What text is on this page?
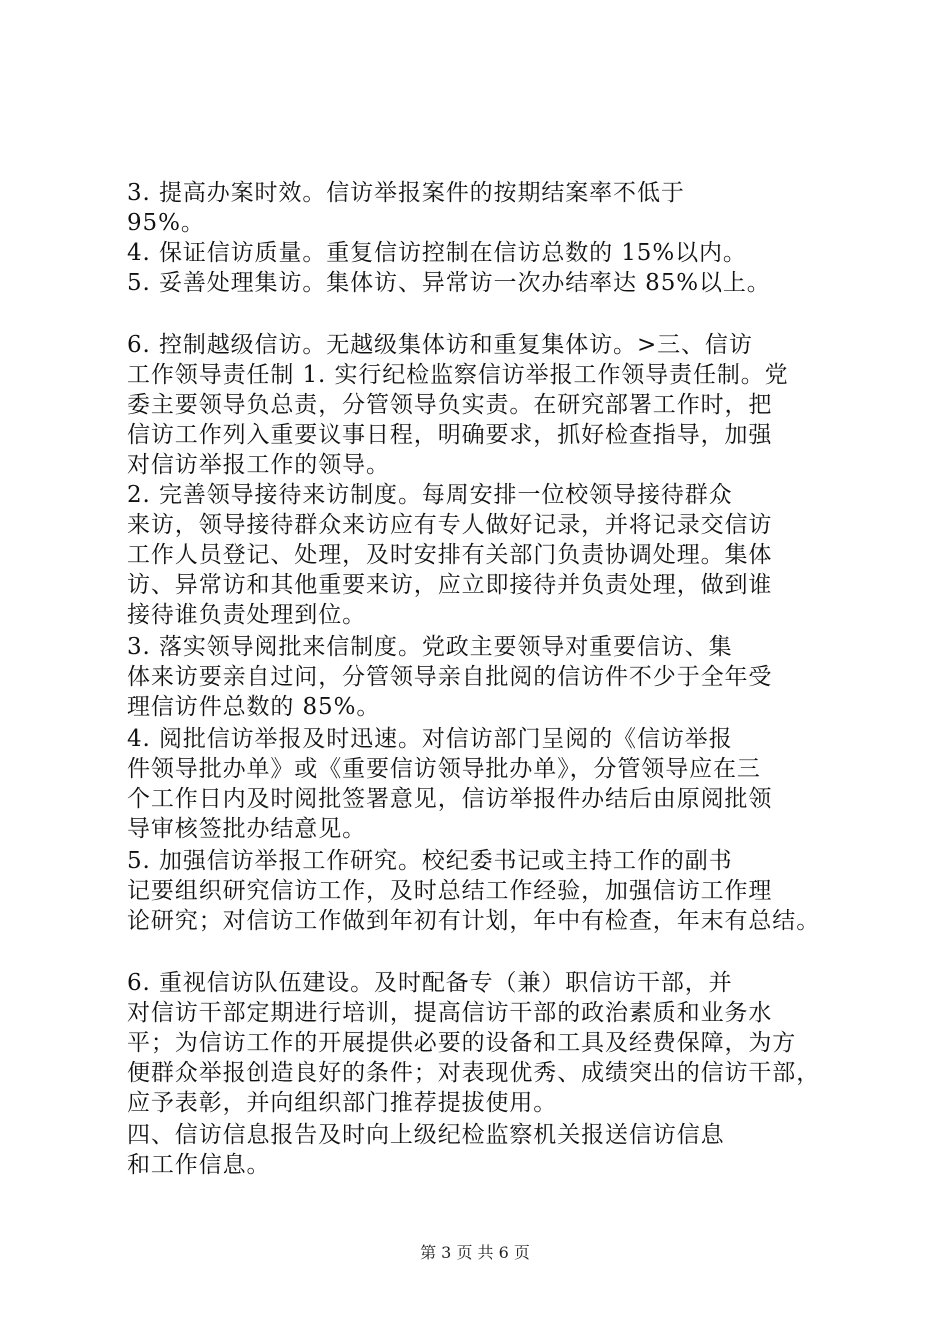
3. 提高办案时效。信访举报案件的按期结案率不低于
95%。
4. 保证信访质量。重复信访控制在信访总数的 15%以内。
5. 妥善处理集访。集体访、异常访一次办结率达 85%以上。
6. 控制越级信访。无越级集体访和重复集体访。>三、信访
工作领导责任制 1. 实行纪检监察信访举报工作领导责任制。党
委主要领导负总责，分管领导负实责。在研究部署工作时，把
信访工作列入重要议事日程，明确要求，抓好检查指导，加强
对信访举报工作的领导。
2. 完善领导接待来访制度。每周安排一位校领导接待群众
来访，领导接待群众来访应有专人做好记录，并将记录交信访
工作人员登记、处理，及时安排有关部门负责协调处理。集体
访、异常访和其他重要来访，应立即接待并负责处理，做到谁
接待谁负责处理到位。
3. 落实领导阅批来信制度。党政主要领导对重要信访、集
体来访要亲自过问，分管领导亲自批阅的信访件不少于全年受
理信访件总数的 85%。
4. 阅批信访举报及时迅速。对信访部门呈阅的《信访举报
件领导批办单》或《重要信访领导批办单》，分管领导应在三
个工作日内及时阅批签署意见，信访举报件办结后由原阅批领
导审核签批办结意见。
5. 加强信访举报工作研究。校纪委书记或主持工作的副书
记要组织研究信访工作，及时总结工作经验，加强信访工作理
论研究；对信访工作做到年初有计划，年中有检查，年末有总结。
6. 重视信访队伍建设。及时配备专（兼）职信访干部，并
对信访干部定期进行培训，提高信访干部的政治素质和业务水
平；为信访工作的开展提供必要的设备和工具及经费保障，为方
便群众举报创造良好的条件；对表现优秀、成绩突出的信访干部，
应予表彰，并向组织部门推荐提拔使用。
四、信访信息报告及时向上级纪检监察机关报送信访信息
和工作信息。
第 3 页 共 6 页
